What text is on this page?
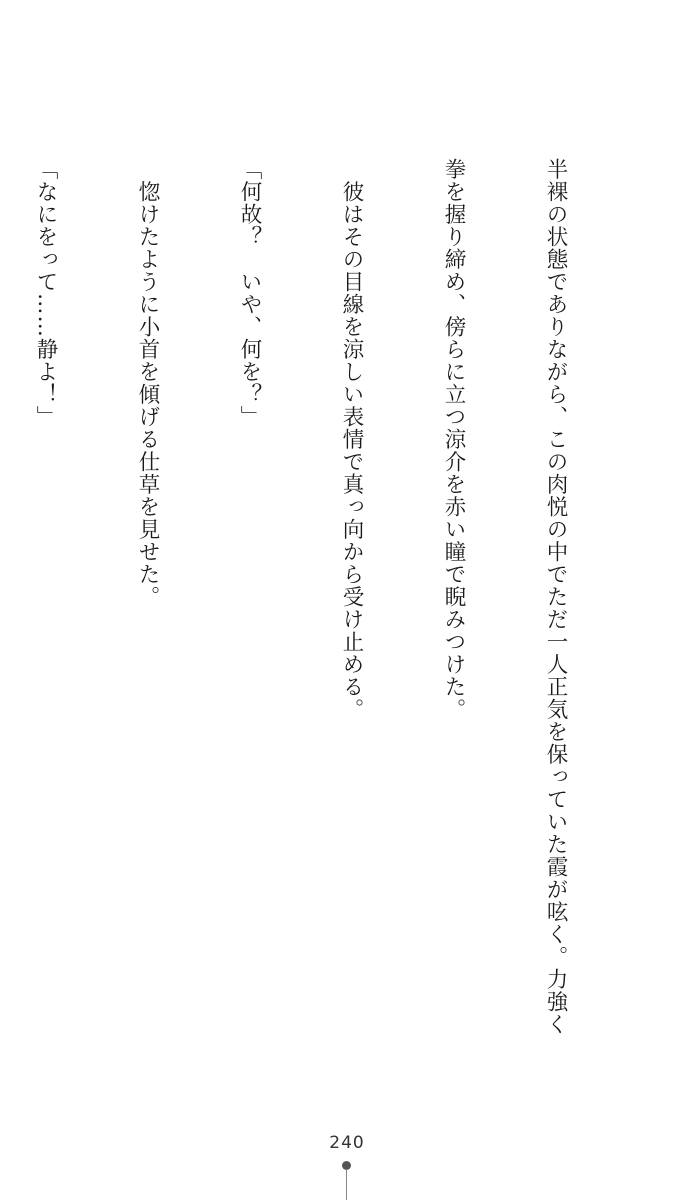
半裸の状態でありながら、この肉悦の中でただ一人正気を保っていた霞が呟く。力強く

拳を握り締め、傍らに立つ涼介を赤い瞳で睨みつけた。

　彼はその目線を涼しい表情で真っ向から受け止める。

「何故？　いや、何を？」

　惚けたように小首を傾げる仕草を見せた。

「なにをって……静よ！」

240
